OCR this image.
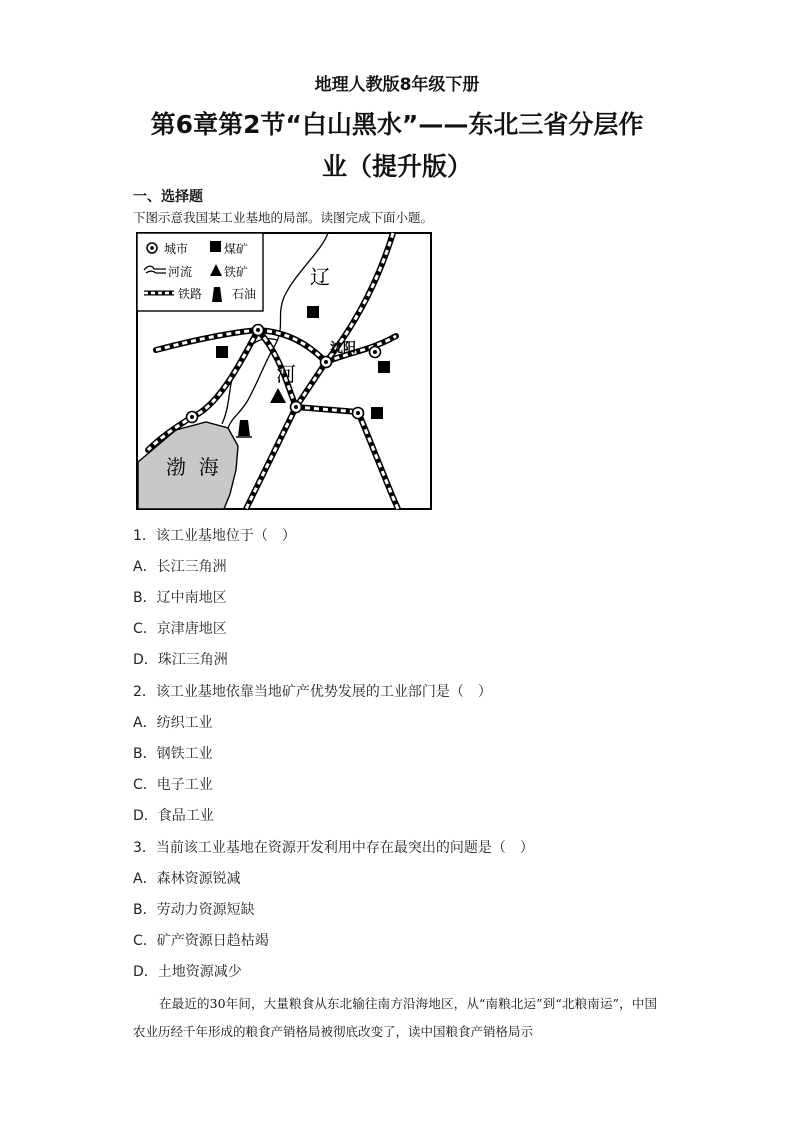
地理人教版8年级下册
第6章第2节“白山黑水”——东北三省分层作
业（提升版）
一、选择题
下图示意我国某工业基地的局部。读图完成下面小题。
城市	煤矿
河流	铁矿
铁路 石油
辽
河
沈阳
渤  海
1．该工业基地位于（　）
A．长江三角洲
B．辽中南地区
C．京津唐地区
D．珠江三角洲
2．该工业基地依靠当地矿产优势发展的工业部门是（　）
A．纺织工业
B．钢铁工业
C．电子工业
D．食品工业
3．当前该工业基地在资源开发利用中存在最突出的问题是（　）
A．森林资源锐减
B．劳动力资源短缺
C．矿产资源日趋枯竭
D．土地资源减少
在最近的30年间，大量粮食从东北输往南方沿海地区，从“南粮北运”到“北粮南运”，中国农业历经千年形成的粮食产销格局被彻底改变了，读中国粮食产销格局示
